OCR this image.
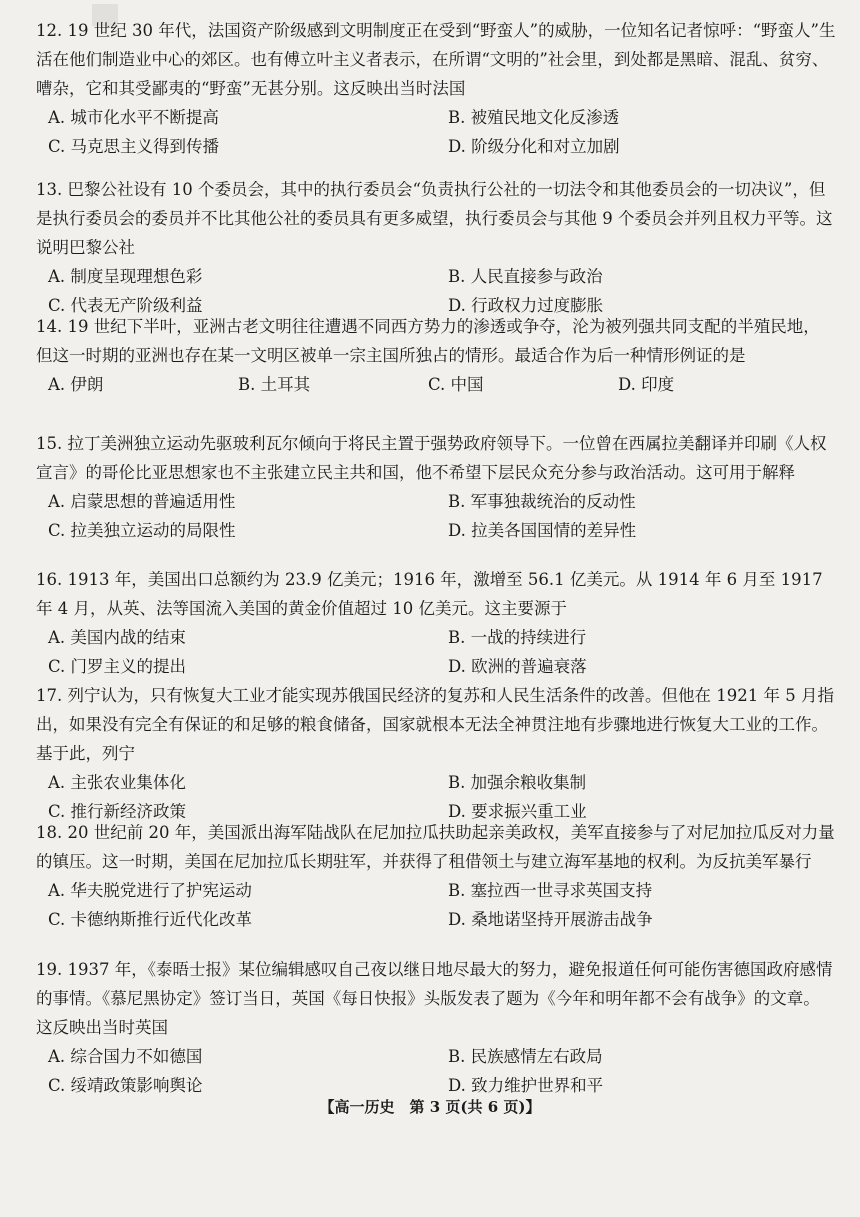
12. 19 世纪 30 年代，法国资产阶级感到文明制度正在受到“野蛮人”的威胁，一位知名记者惊呼：“野蛮人”生活在他们制造业中心的郊区。也有傅立叶主义者表示，在所谓“文明的”社会里，到处都是黑暗、混乱、贫穷、嘈杂，它和其受鄙夷的“野蛮”无甚分别。这反映出当时法国

A. 城市化水平不断提高	B. 被殖民地文化反渗透
C. 马克思主义得到传播	D. 阶级分化和对立加剧

13. 巴黎公社设有 10 个委员会，其中的执行委员会“负责执行公社的一切法令和其他委员会的一切决议”，但是执行委员会的委员并不比其他公社的委员具有更多威望，执行委员会与其他 9 个委员会并列且权力平等。这说明巴黎公社

A. 制度呈现理想色彩	B. 人民直接参与政治
C. 代表无产阶级利益	D. 行政权力过度膨胀

14. 19 世纪下半叶，亚洲古老文明往往遭遇不同西方势力的渗透或争夺，沦为被列强共同支配的半殖民地，但这一时期的亚洲也存在某一文明区被单一宗主国所独占的情形。最适合作为后一种情形例证的是

A. 伊朗	B. 土耳其	C. 中国	D. 印度

15. 拉丁美洲独立运动先驱玻利瓦尔倾向于将民主置于强势政府领导下。一位曾在西属拉美翻译并印刷《人权宣言》的哥伦比亚思想家也不主张建立民主共和国，他不希望下层民众充分参与政治活动。这可用于解释

A. 启蒙思想的普遍适用性	B. 军事独裁统治的反动性
C. 拉美独立运动的局限性	D. 拉美各国国情的差异性

16. 1913 年，美国出口总额约为 23.9 亿美元；1916 年，激增至 56.1 亿美元。从 1914 年 6 月至 1917 年 4 月，从英、法等国流入美国的黄金价值超过 10 亿美元。这主要源于

A. 美国内战的结束	B. 一战的持续进行
C. 门罗主义的提出	D. 欧洲的普遍衰落

17. 列宁认为，只有恢复大工业才能实现苏俄国民经济的复苏和人民生活条件的改善。但他在 1921 年 5 月指出，如果没有完全有保证的和足够的粮食储备，国家就根本无法全神贯注地有步骤地进行恢复大工业的工作。基于此，列宁

A. 主张农业集体化	B. 加强余粮收集制
C. 推行新经济政策	D. 要求振兴重工业

18. 20 世纪前 20 年，美国派出海军陆战队在尼加拉瓜扶助起亲美政权，美军直接参与了对尼加拉瓜反对力量的镇压。这一时期，美国在尼加拉瓜长期驻军，并获得了租借领土与建立海军基地的权利。为反抗美军暴行

A. 华夫脱党进行了护宪运动	B. 塞拉西一世寻求英国支持
C. 卡德纳斯推行近代化改革	D. 桑地诺坚持开展游击战争

19. 1937 年，《泰晤士报》某位编辑感叹自己夜以继日地尽最大的努力，避免报道任何可能伤害德国政府感情的事情。《慕尼黑协定》签订当日，英国《每日快报》头版发表了题为《今年和明年都不会有战争》的文章。这反映出当时英国

A. 综合国力不如德国	B. 民族感情左右政局
C. 绥靖政策影响舆论	D. 致力维护世界和平
【高一历史　第 3 页(共 6 页)】
